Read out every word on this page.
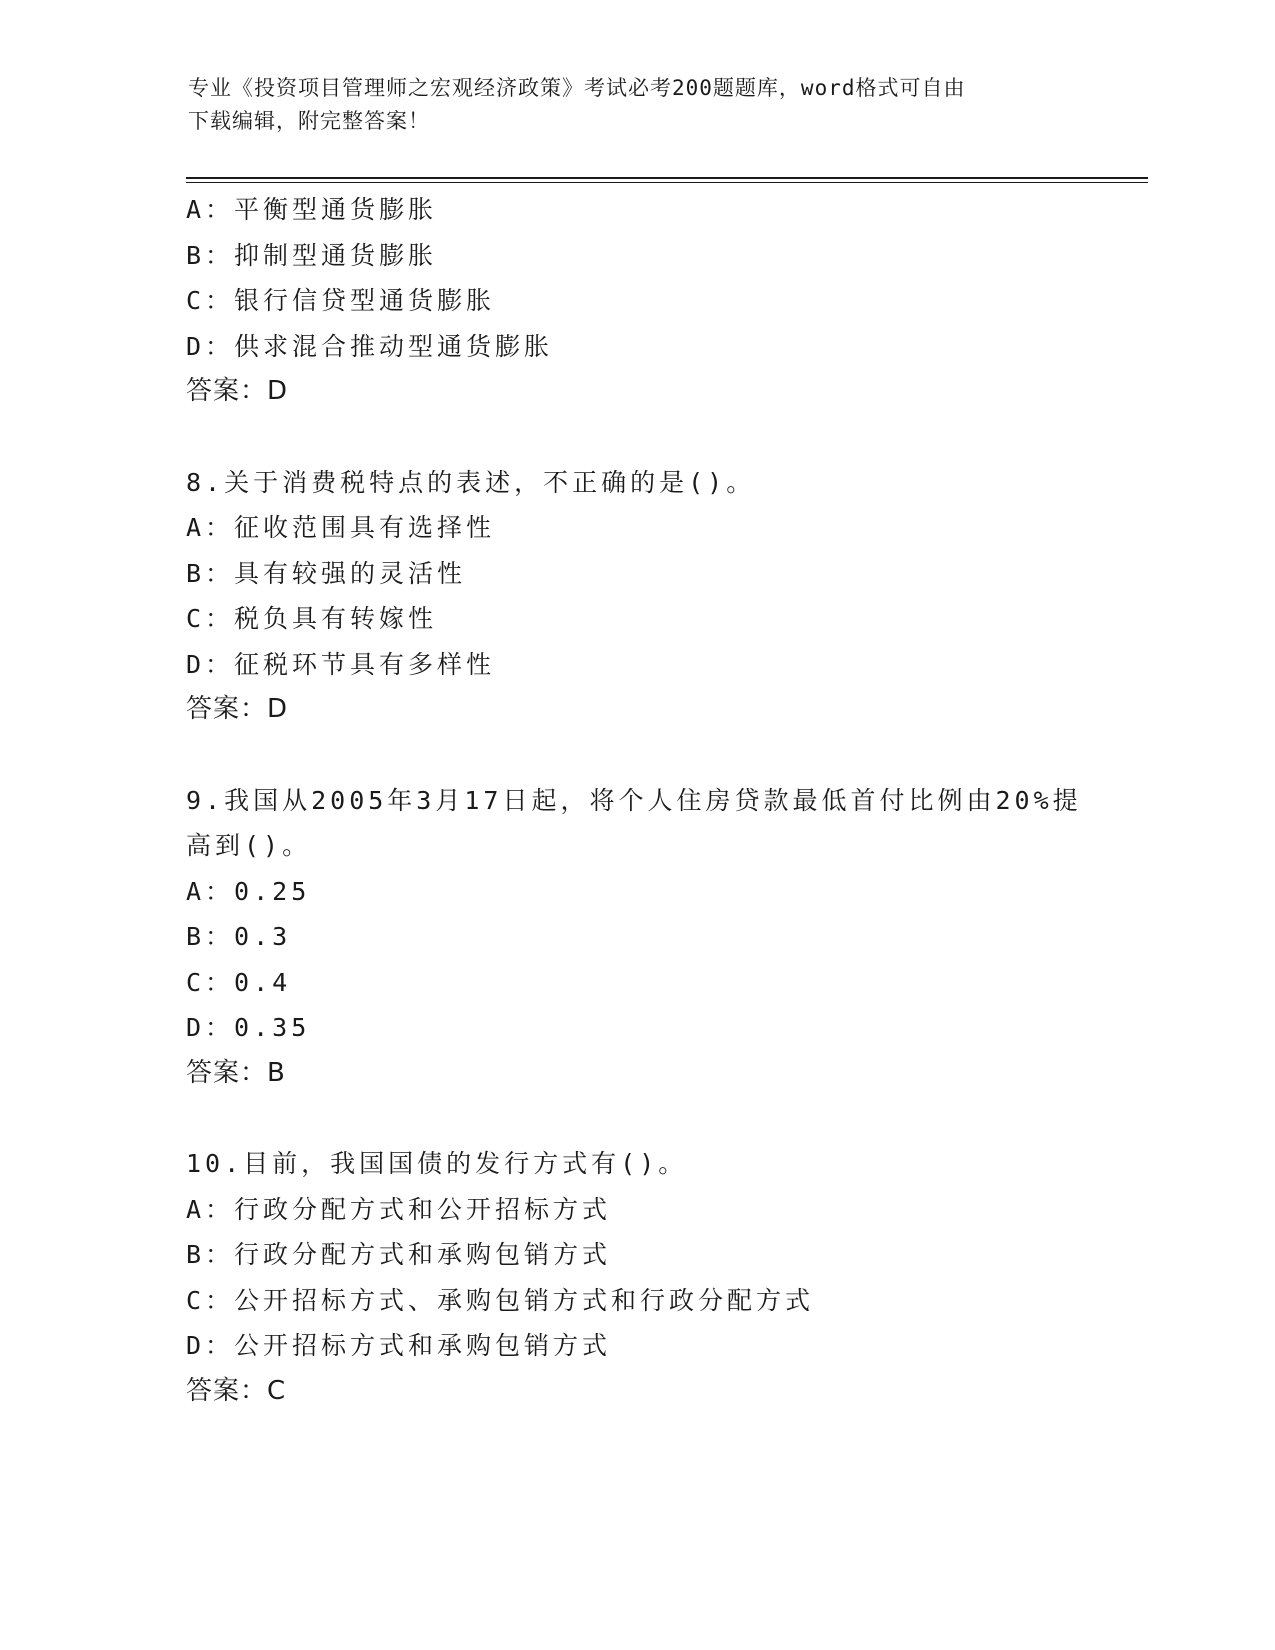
专业《投资项目管理师之宏观经济政策》考试必考200题题库，word格式可自由
下载编辑，附完整答案！
A：平衡型通货膨胀
B：抑制型通货膨胀
C：银行信贷型通货膨胀
D：供求混合推动型通货膨胀
答案：D
8.关于消费税特点的表述，不正确的是()。
A：征收范围具有选择性
B：具有较强的灵活性
C：税负具有转嫁性
D：征税环节具有多样性
答案：D
9.我国从2005年3月17日起，将个人住房贷款最低首付比例由20%提
高到()。
A：0.25
B：0.3
C：0.4
D：0.35
答案：B
10.目前，我国国债的发行方式有()。
A：行政分配方式和公开招标方式
B：行政分配方式和承购包销方式
C：公开招标方式、承购包销方式和行政分配方式
D：公开招标方式和承购包销方式
答案：C
